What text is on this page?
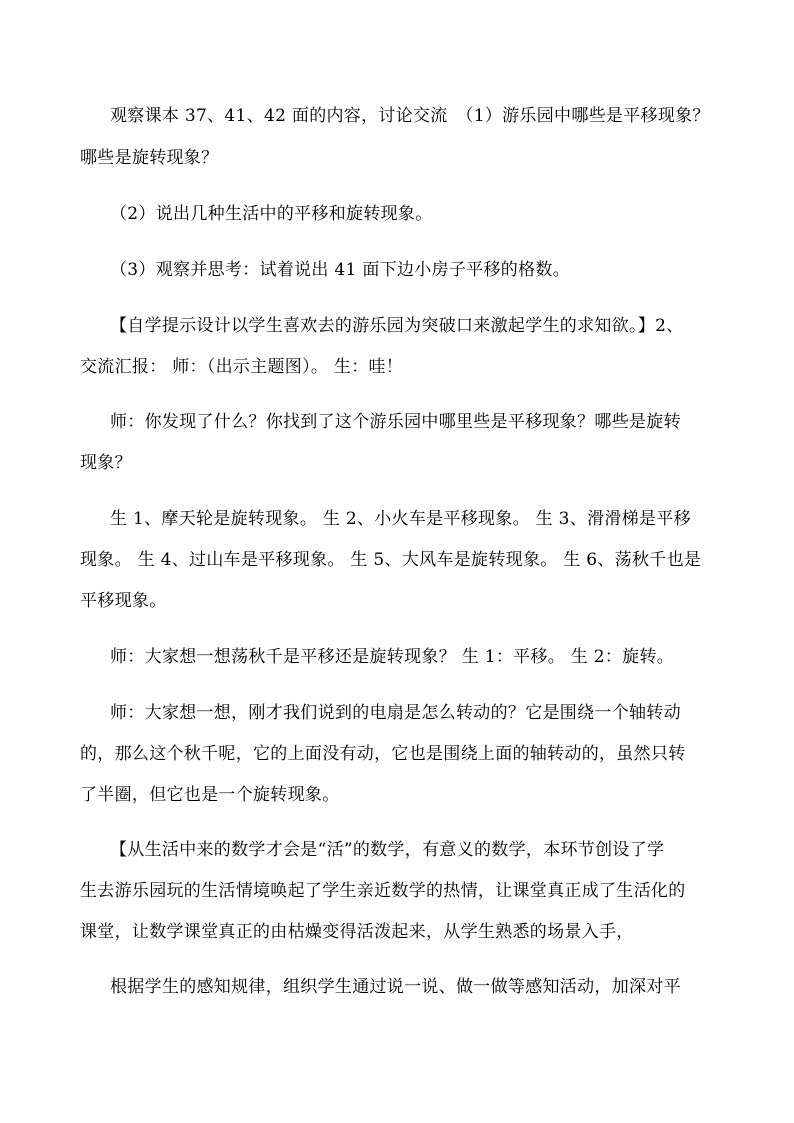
观察课本 37、41、42 面的内容，讨论交流　（1）游乐园中哪些是平移现象？
哪些是旋转现象？
（2）说出几种生活中的平移和旋转现象。
（3）观察并思考：试着说出 41 面下边小房子平移的格数。
【自学提示设计以学生喜欢去的游乐园为突破口来激起学生的求知欲。】2、
交流汇报： 师：（出示主题图）。 生：哇！
师：你发现了什么？你找到了这个游乐园中哪里些是平移现象？哪些是旋转
现象？
生 1、摩天轮是旋转现象。 生 2、小火车是平移现象。 生 3、滑滑梯是平移
现象。 生 4、过山车是平移现象。 生 5、大风车是旋转现象。 生 6、荡秋千也是
平移现象。
师：大家想一想荡秋千是平移还是旋转现象？ 生 1：平移。 生 2：旋转。
师：大家想一想，刚才我们说到的电扇是怎么转动的？它是围绕一个轴转动
的，那么这个秋千呢，它的上面没有动，它也是围绕上面的轴转动的，虽然只转
了半圈，但它也是一个旋转现象。
【从生活中来的数学才会是“活”的数学，有意义的数学，本环节创设了学
生去游乐园玩的生活情境唤起了学生亲近数学的热情，让课堂真正成了生活化的
课堂，让数学课堂真正的由枯燥变得活泼起来，从学生熟悉的场景入手，
根据学生的感知规律，组织学生通过说一说、做一做等感知活动，加深对平
